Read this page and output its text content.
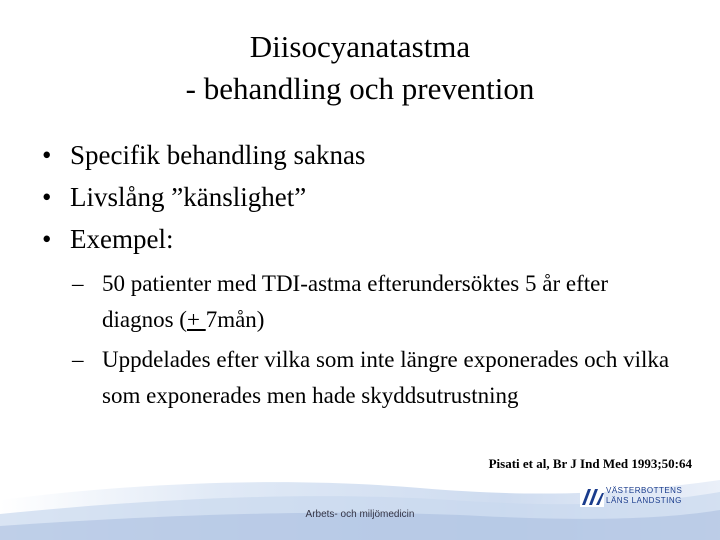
Diisocyanatastma
- behandling och prevention
• Specifik behandling saknas
• Livslång ”känslighet”
• Exempel:
– 50 patienter med TDI-astma efterundersöktes 5 år efter diagnos (+ 7mån)
– Uppdelades efter vilka som inte längre exponerades och vilka som exponerades men hade skyddsutrustning
Pisati et al, Br J Ind Med 1993;50:64
Arbets- och miljömedicin
VÄSTERBOTTENS
LÄNS LANDSTING
